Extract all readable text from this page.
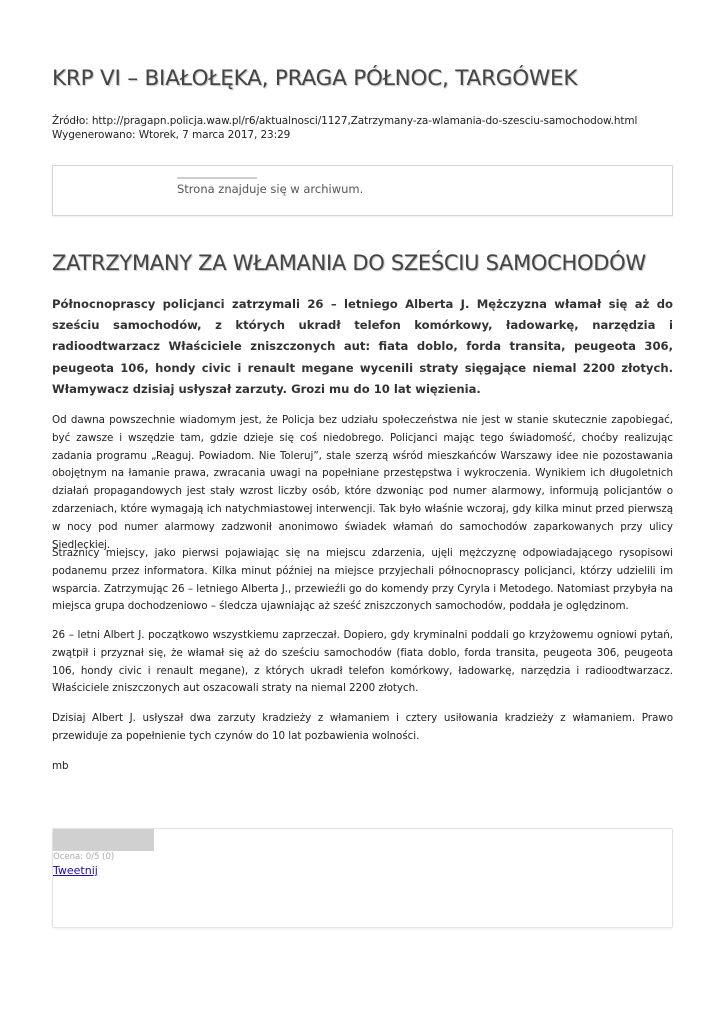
KRP VI – BIAŁOŁĘKA, PRAGA PÓŁNOC, TARGÓWEK
Źródło: http://pragapn.policja.waw.pl/r6/aktualnosci/1127,Zatrzymany-za-wlamania-do-szesciu-samochodow.html
Wygenerowano: Wtorek, 7 marca 2017, 23:29
Strona znajduje się w archiwum.
ZATRZYMANY ZA WŁAMANIA DO SZEŚCIU SAMOCHODÓW

Północnoprascy policjanci zatrzymali 26 – letniego Alberta J. Mężczyzna włamał się aż do sześciu samochodów, z których ukradł telefon komórkowy, ładowarkę, narzędzia i radioodtwarzacz Właściciele zniszczonych aut: fiata doblo, forda transita, peugeota 306, peugeota 106, hondy civic i renault megane wycenili straty sięgające niemal 2200 złotych. Włamywacz dzisiaj usłyszał zarzuty. Grozi mu do 10 lat więzienia.

Od dawna powszechnie wiadomym jest, że Policja bez udziału społeczeństwa nie jest w stanie skutecznie zapobiegać, być zawsze i wszędzie tam, gdzie dzieje się coś niedobrego. Policjanci mając tego świadomość, choćby realizując zadania programu „Reaguj. Powiadom. Nie Toleruj”, stale szerzą wśród mieszkańców Warszawy idee nie pozostawania obojętnym na łamanie prawa, zwracania uwagi na popełniane przestępstwa i wykroczenia. Wynikiem ich długoletnich działań propagandowych jest stały wzrost liczby osób, które dzwoniąc pod numer alarmowy, informują policjantów o zdarzeniach, które wymagają ich natychmiastowej interwencji. Tak było właśnie wczoraj, gdy kilka minut przed pierwszą w nocy pod numer alarmowy zadzwonił anonimowo świadek włamań do samochodów zaparkowanych przy ulicy Siedleckiej.

Strażnicy miejscy, jako pierwsi pojawiając się na miejscu zdarzenia, ujęli mężczyznę odpowiadającego rysopisowi podanemu przez informatora. Kilka minut później na miejsce przyjechali północnoprascy policjanci, którzy udzielili im wsparcia. Zatrzymując 26 – letniego Alberta J., przewieźli go do komendy przy Cyryla i Metodego. Natomiast przybyła na miejsca grupa dochodzeniowo – śledcza ujawniając aż sześć zniszczonych samochodów, poddała je oględzinom.

26 – letni Albert J. początkowo wszystkiemu zaprzeczał. Dopiero, gdy kryminalni poddali go krzyżowemu ogniowi pytań, zwątpił i przyznał się, że włamał się aż do sześciu samochodów (fiata doblo, forda transita, peugeota 306, peugeota 106, hondy civic i renault megane), z których ukradł telefon komórkowy, ładowarkę, narzędzia i radioodtwarzacz. Właściciele zniszczonych aut oszacowali straty na niemal 2200 złotych.

Dzisiaj Albert J. usłyszał dwa zarzuty kradzieży z włamaniem i cztery usiłowania kradzieży z włamaniem. Prawo przewiduje za popełnienie tych czynów do 10 lat pozbawienia wolności.

mb

Ocena: 0/5 (0)
Tweetnij
